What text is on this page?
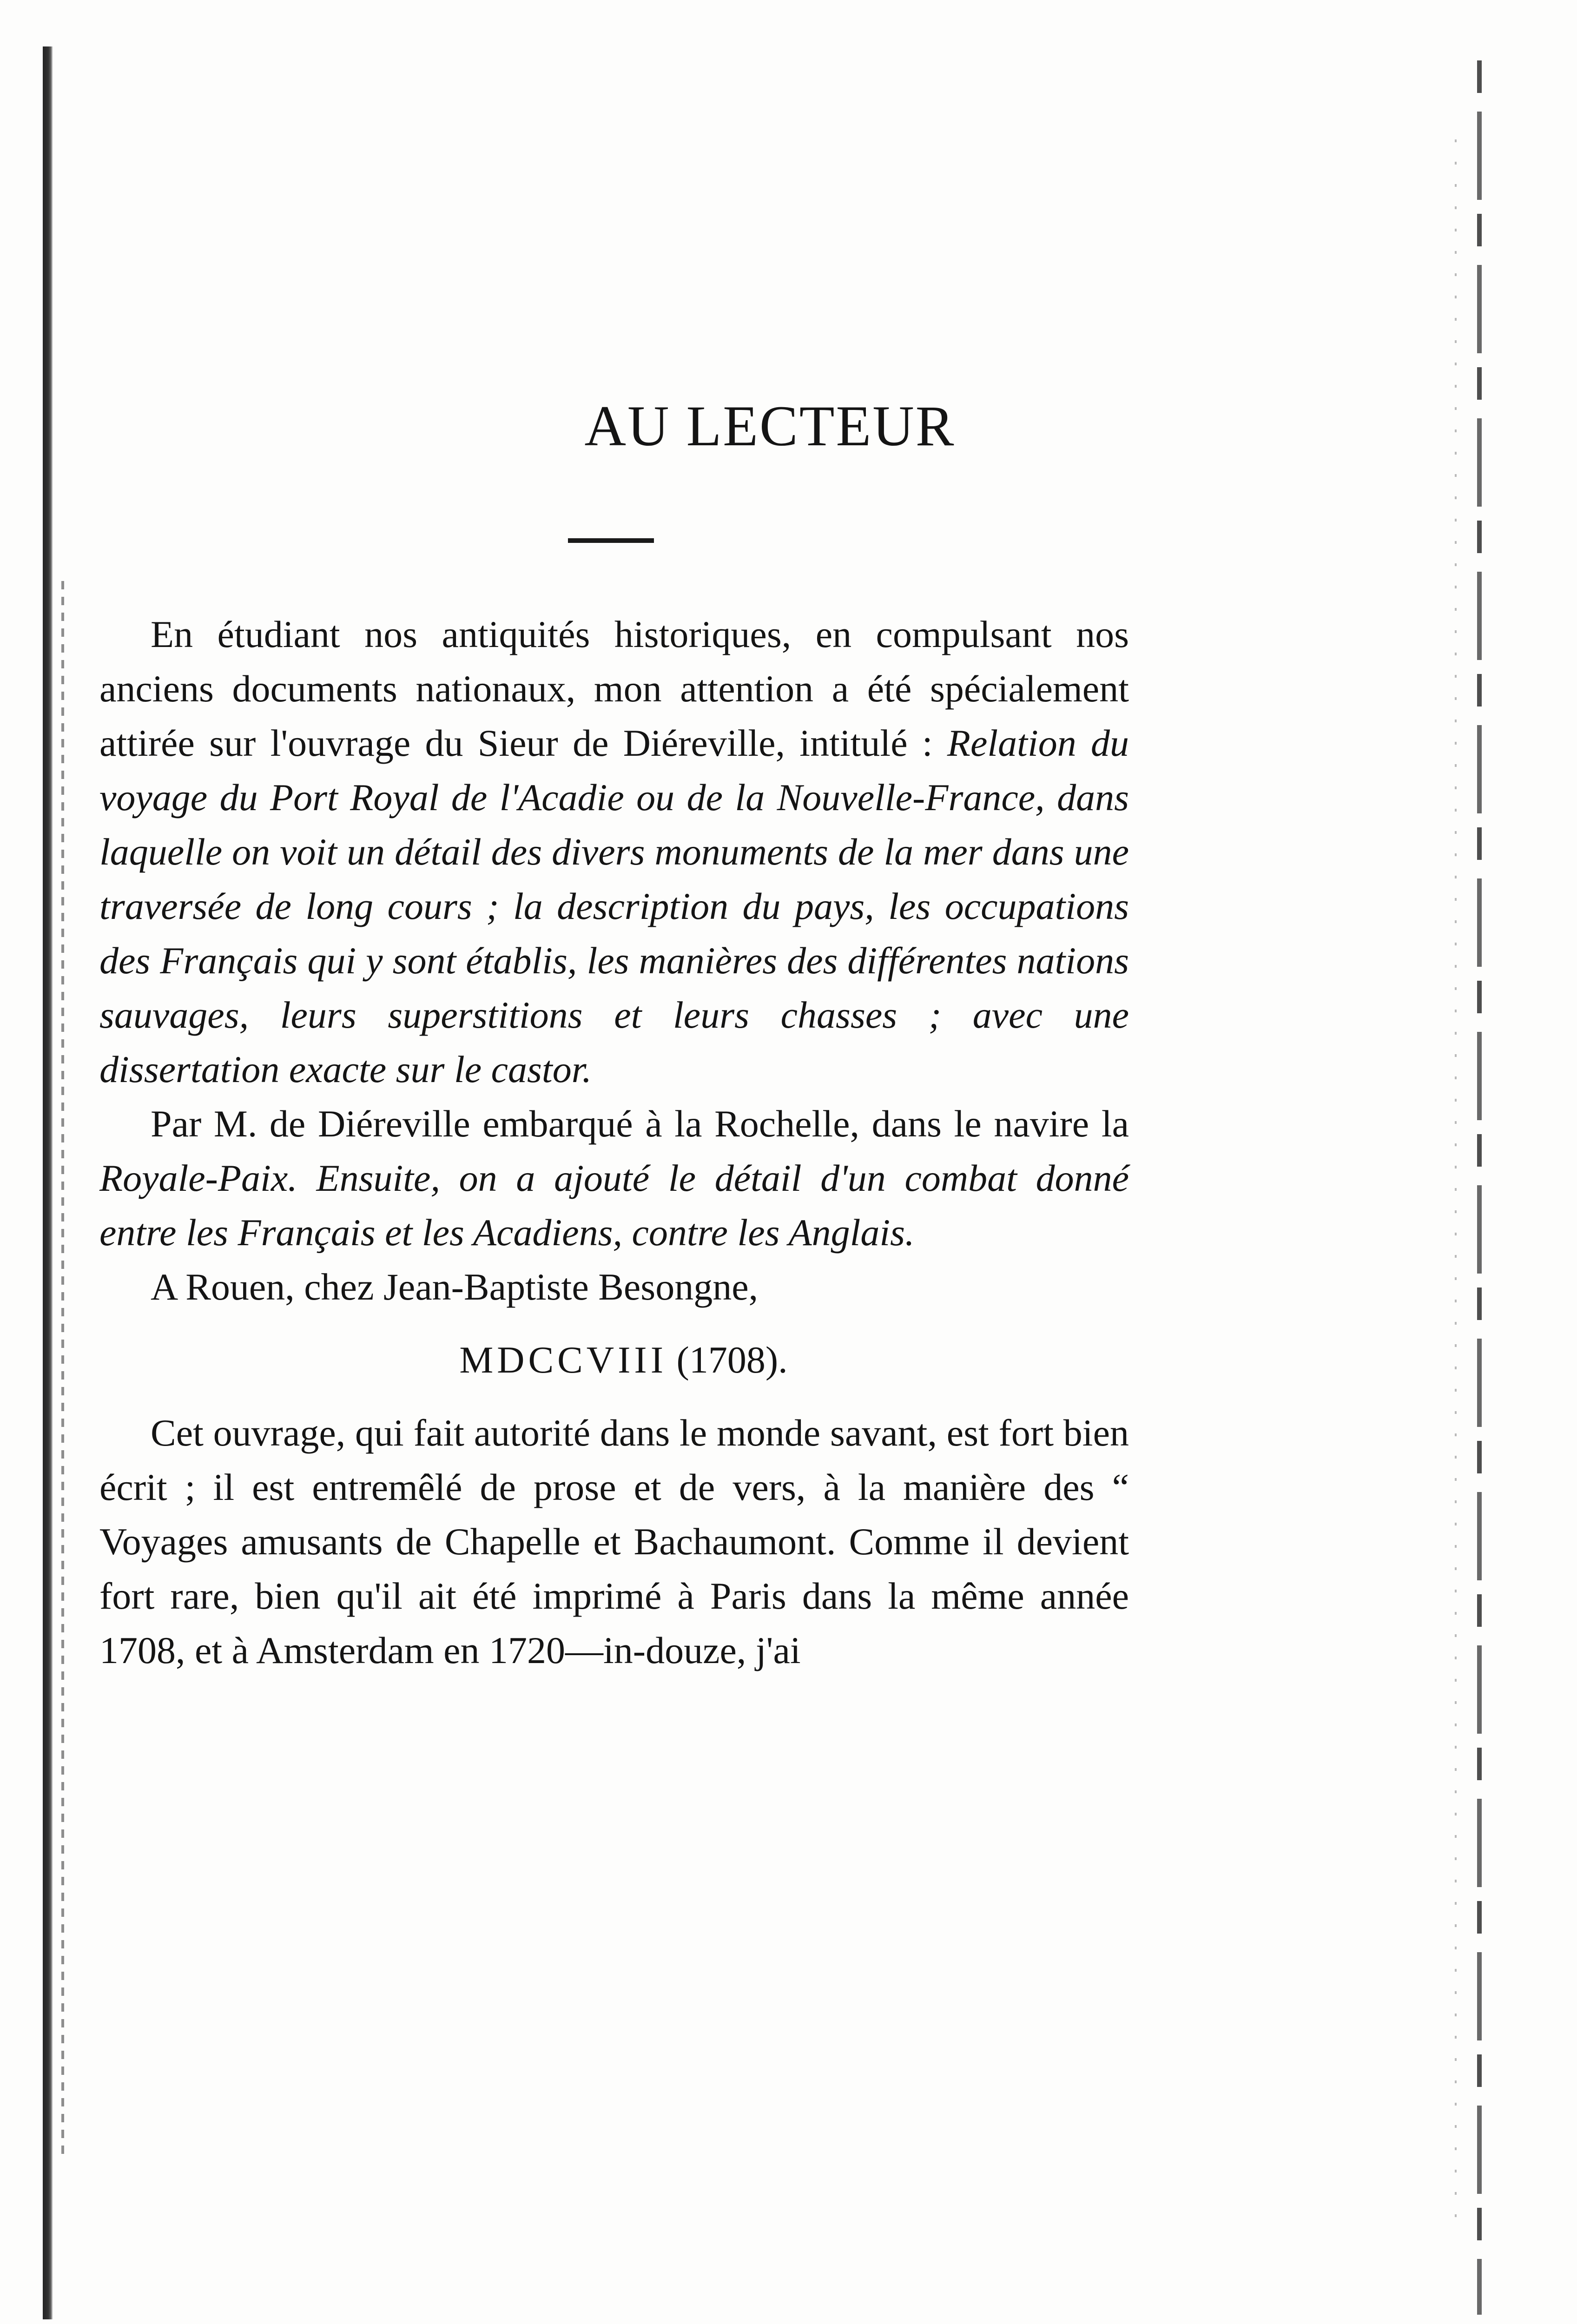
AU LECTEUR

En étudiant nos antiquités historiques, en compulsant nos anciens documents nationaux, mon attention a été spécialement attirée sur l'ouvrage du Sieur de Diéreville, intitulé : Relation du voyage du Port Royal de l'Acadie ou de la Nouvelle-France, dans laquelle on voit un détail des divers monuments de la mer dans une traversée de long cours ; la description du pays, les occupations des Français qui y sont établis, les manières des différentes nations sauvages, leurs superstitions et leurs chasses ; avec une dissertation exacte sur le castor.

Par M. de Diéreville embarqué à la Rochelle, dans le navire la Royale-Paix. Ensuite, on a ajouté le détail d'un combat donné entre les Français et les Acadiens, contre les Anglais.

A Rouen, chez Jean-Baptiste Besongne,

MDCCVIII (1708).

Cet ouvrage, qui fait autorité dans le monde savant, est fort bien écrit ; il est entremêlé de prose et de vers, à la manière des “ Voyages amusants de Chapelle et Bachaumont. Comme il devient fort rare, bien qu'il ait été imprimé à Paris dans la même année 1708, et à Amsterdam en 1720—in-douze, j'ai
